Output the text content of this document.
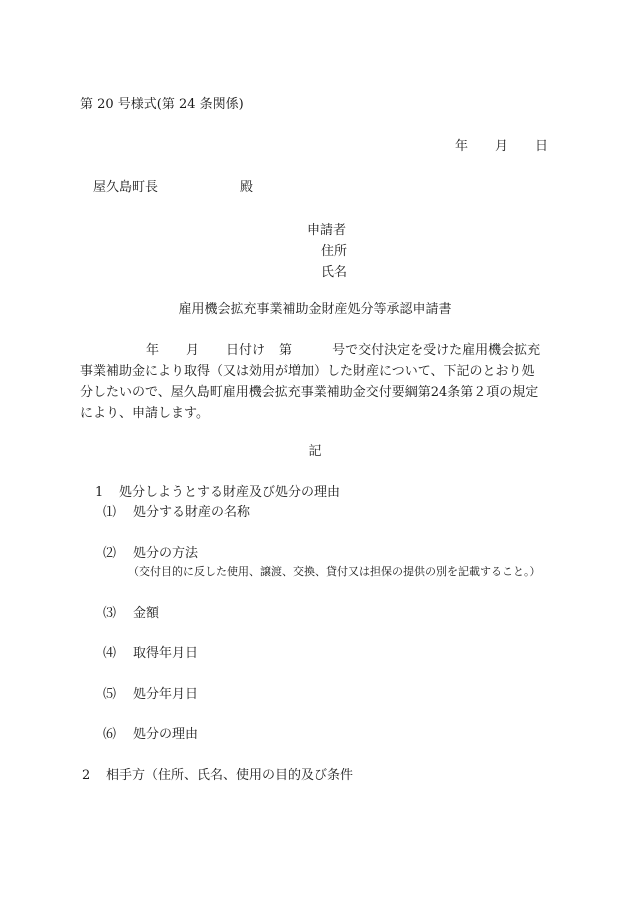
第 20 号様式(第 24 条関係)
年 月 日
屋久島町長	殿
申請者
住所
氏名
雇用機会拡充事業補助金財産処分等承認申請書
年 月 日付け 第	号で交付決定を受けた雇用機会拡充
事業補助金により取得（又は効用が増加）した財産について、下記のとおり処
分したいので、屋久島町雇用機会拡充事業補助金交付要綱第24条第２項の規定
により、申請します。
記
1 処分しようとする財産及び処分の理由
⑴ 処分する財産の名称
⑵ 処分の方法
（交付目的に反した使用、譲渡、交換、貸付又は担保の提供の別を記載すること。）
⑶ 金額
⑷ 取得年月日
⑸ 処分年月日
⑹ 処分の理由
2 相手方（住所、氏名、使用の目的及び条件
